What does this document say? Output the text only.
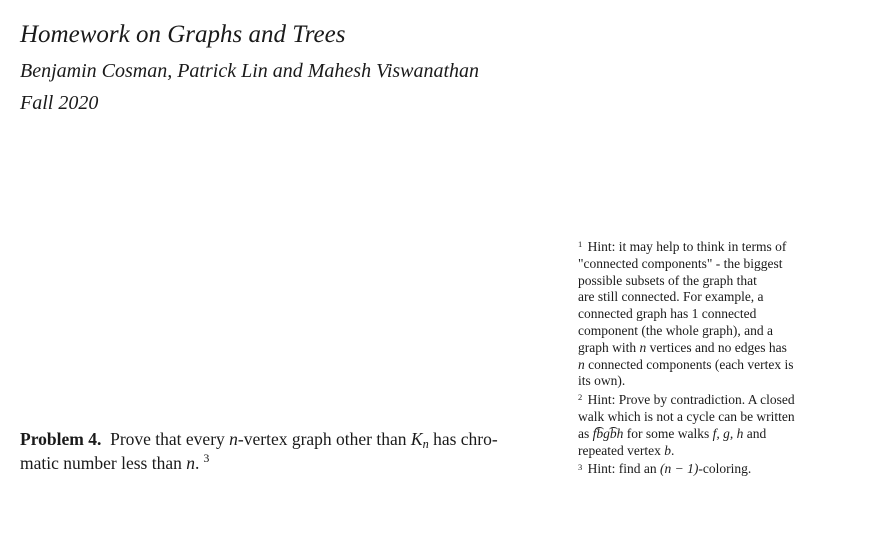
Homework on Graphs and Trees
Benjamin Cosman, Patrick Lin and Mahesh Viswanathan
Fall 2020
Problem 4. Prove that every n-vertex graph other than $K_n$ has chro-
matic number less than n. $^3$
$^1$ Hint: it may help to think in terms of
"connected components" - the biggest
possible subsets of the graph that
are still connected. For example, a
connected graph has 1 connected
component (the whole graph), and a
graph with n vertices and no edges has
n connected components (each vertex is
its own).
$^2$ Hint: Prove by contradiction. A closed
walk which is not a cycle can be written
as fbgbh for some walks f, g, h and
repeated vertex b.
$^3$ Hint: find an (n − 1)-coloring.
